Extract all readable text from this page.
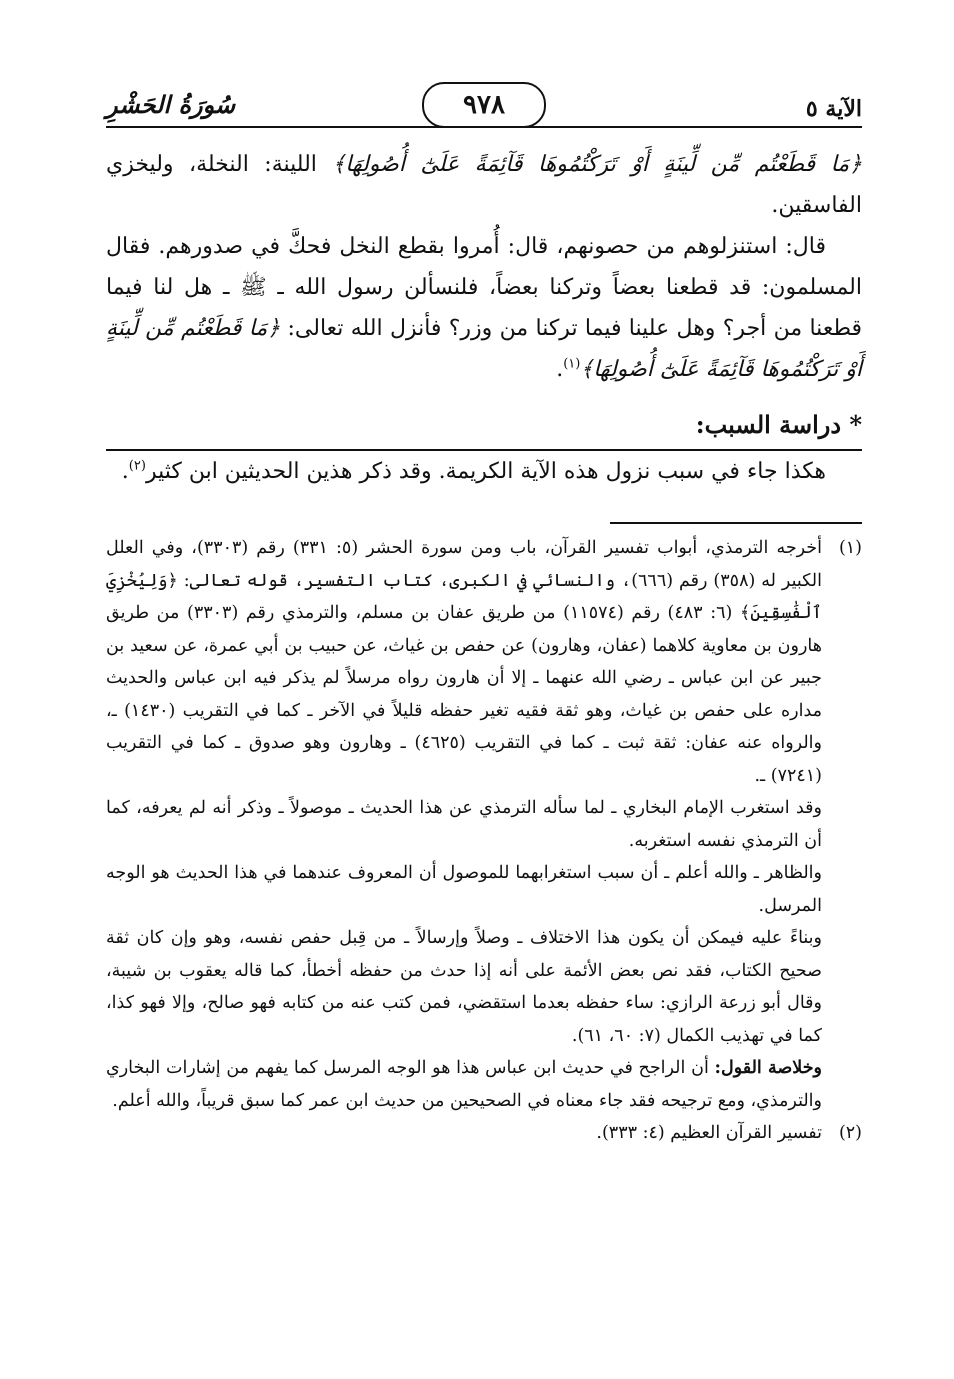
الآية ٥
٩٧٨
سُورَةُ الحَشْرِ

﴿مَا قَطَعْتُم مِّن لِّينَةٍ أَوْ تَرَكْتُمُوهَا قَآئِمَةً عَلَىٰٓ أُصُولِهَا﴾ اللينة: النخلة، وليخزي الفاسقين.

قال: استنزلوهم من حصونهم، قال: أُمروا بقطع النخل فحكَّ في صدورهم. فقال المسلمون: قد قطعنا بعضاً وتركنا بعضاً، فلنسألن رسول الله ـ ﷺ ـ هل لنا فيما قطعنا من أجر؟ وهل علينا فيما تركنا من وزر؟ فأنزل الله تعالى: ﴿مَا قَطَعْتُم مِّن لِّينَةٍ أَوْ تَرَكْتُمُوهَا قَآئِمَةً عَلَىٰٓ أُصُولِهَا﴾$^{(١)}$.

* دراسة السبب:

هكذا جاء في سبب نزول هذه الآية الكريمة. وقد ذكر هذين الحديثين ابن كثير$^{(٢)}$.

(١)

أخرجه الترمذي، أبواب تفسير القرآن، باب ومن سورة الحشر (٥: ٣٣١) رقم (٣٣٠٣)، وفي العلل الكبير له (٣٥٨) رقم (٦٦٦)، والنسائي في الكبرى، كتاب التفسير، قوله تعالى: ﴿وَلِيُخْزِيَ ٱلْفَٰسِقِينَ﴾ (٦: ٤٨٣) رقم (١١٥٧٤) من طريق عفان بن مسلم، والترمذي رقم (٣٣٠٣) من طريق هارون بن معاوية كلاهما (عفان، وهارون) عن حفص بن غياث، عن حبيب بن أبي عمرة، عن سعيد بن جبير عن ابن عباس ـ رضي الله عنهما ـ إلا أن هارون رواه مرسلاً لم يذكر فيه ابن عباس والحديث مداره على حفص بن غياث، وهو ثقة فقيه تغير حفظه قليلاً في الآخر ـ كما في التقريب (١٤٣٠) ـ، والرواه عنه عفان: ثقة ثبت ـ كما في التقريب (٤٦٢٥) ـ وهارون وهو صدوق ـ كما في التقريب (٧٢٤١) ـ.

وقد استغرب الإمام البخاري ـ لما سأله الترمذي عن هذا الحديث ـ موصولاً ـ وذكر أنه لم يعرفه، كما أن الترمذي نفسه استغربه.

والظاهر ـ والله أعلم ـ أن سبب استغرابهما للموصول أن المعروف عندهما في هذا الحديث هو الوجه المرسل.

وبناءً عليه فيمكن أن يكون هذا الاختلاف ـ وصلاً وإرسالاً ـ من قِبل حفص نفسه، وهو وإن كان ثقة صحيح الكتاب، فقد نص بعض الأئمة على أنه إذا حدث من حفظه أخطأ، كما قاله يعقوب بن شيبة، وقال أبو زرعة الرازي: ساء حفظه بعدما استقضي، فمن كتب عنه من كتابه فهو صالح، وإلا فهو كذا، كما في تهذيب الكمال (٧: ٦٠، ٦١).

وخلاصة القول: أن الراجح في حديث ابن عباس هذا هو الوجه المرسل كما يفهم من إشارات البخاري والترمذي، ومع ترجيحه فقد جاء معناه في الصحيحين من حديث ابن عمر كما سبق قريباً، والله أعلم.

(٢)

تفسير القرآن العظيم (٤: ٣٣٣).
